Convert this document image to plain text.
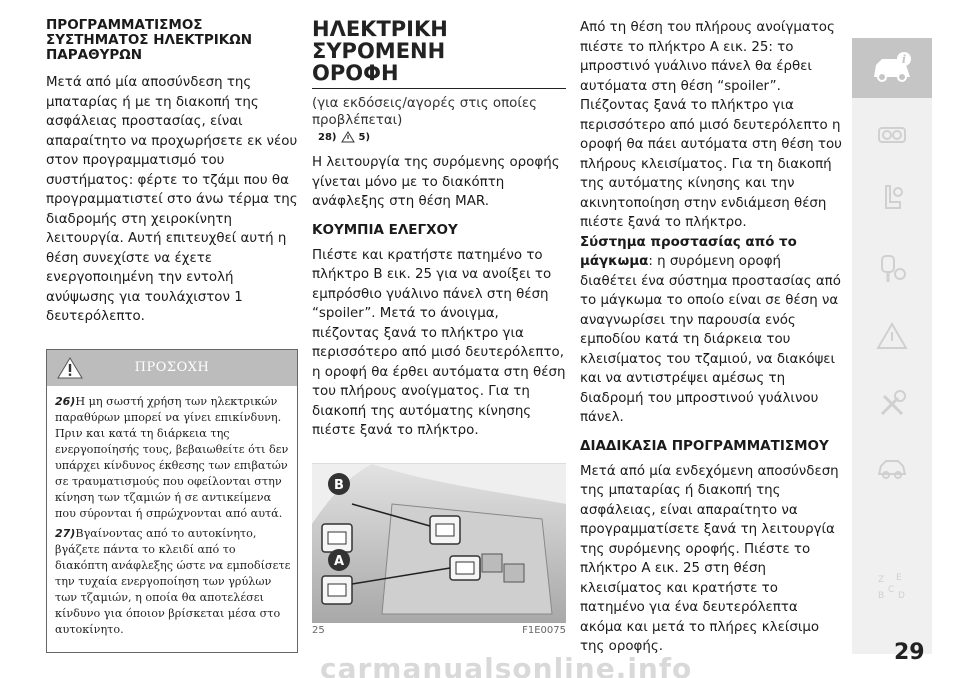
ΠΡΟΓΡΑΜΜΑΤΙΣΜΟΣ ΣΥΣΤΗΜΑΤΟΣ ΗΛΕΚΤΡΙΚΩΝ ΠΑΡΑΘΥΡΩΝ
Μετά από μία αποσύνδεση της μπαταρίας ή με τη διακοπή της ασφάλειας προστασίας, είναι απαραίτητο να προχωρήσετε εκ νέου στον προγραμματισμό του συστήματος: φέρτε το τζάμι που θα προγραμματιστεί στο άνω τέρμα της διαδρομής στη χειροκίνητη λειτουργία. Αυτή επιτευχθεί αυτή η θέση συνεχίστε να έχετε ενεργοποιημένη την εντολή ανύψωσης για τουλάχιστον 1 δευτερόλεπτο.
ΠΡΟΣΟΧΗ

26)Η μη σωστή χρήση των ηλεκτρικών παραθύρων μπορεί να γίνει επικίνδυνη. Πριν και κατά τη διάρκεια της ενεργοποίησής τους, βεβαιωθείτε ότι δεν υπάρχει κίνδυνος έκθεσης των επιβατών σε τραυματισμούς που οφείλονται στην κίνηση των τζαμιών ή σε αντικείμενα που σύρονται ή σπρώχνονται από αυτά.

27)Βγαίνοντας από το αυτοκίνητο, βγάζετε πάντα το κλειδί από το διακόπτη ανάφλεξης ώστε να εμποδίσετε την τυχαία ενεργοποίηση των γρύλων των τζαμιών, η οποία θα αποτελέσει κίνδυνο για όποιον βρίσκεται μέσα στο αυτοκίνητο.

ΗΛΕΚΤΡΙΚΗ ΣΥΡΟΜΕΝΗ
ΟΡΟΦΗ
(για εκδόσεις/αγορές στις οποίες προβλέπεται)
28) 5)
Η λειτουργία της συρόμενης οροφής γίνεται μόνο με το διακόπτη ανάφλεξης στη θέση MAR.
ΚΟΥΜΠΙΑ ΕΛΕΓΧΟΥ
Πιέστε και κρατήστε πατημένο το πλήκτρο B εικ. 25 για να ανοίξει το εμπρόσθιο γυάλινο πάνελ στη θέση “spoiler”. Μετά το άνοιγμα, πιέζοντας ξανά το πλήκτρο για περισσότερο από μισό δευτερόλεπτο, η οροφή θα έρθει αυτόματα στη θέση του πλήρους ανοίγματος. Για τη διακοπή της αυτόματης κίνησης πιέστε ξανά το πλήκτρο.
B
A
25	F1E0075
Από τη θέση του πλήρους ανοίγματος πιέστε το πλήκτρο A εικ. 25: το μπροστινό γυάλινο πάνελ θα έρθει αυτόματα στη θέση “spoiler”. Πιέζοντας ξανά το πλήκτρο για περισσότερο από μισό δευτερόλεπτο η οροφή θα πάει αυτόματα στη θέση του πλήρους κλεισίματος. Για τη διακοπή της αυτόματης κίνησης και την ακινητοποίηση στην ενδιάμεση θέση πιέστε ξανά το πλήκτρο.
Σύστημα προστασίας από το μάγκωμα: η συρόμενη οροφή διαθέτει ένα σύστημα προστασίας από το μάγκωμα το οποίο είναι σε θέση να αναγνωρίσει την παρουσία ενός εμποδίου κατά τη διάρκεια του κλεισίματος του τζαμιού, να διακόψει και να αντιστρέψει αμέσως τη διαδρομή του μπροστινού γυάλινου πάνελ.
ΔΙΑΔΙΚΑΣΙΑ ΠΡΟΓΡΑΜΜΑΤΙΣΜΟΥ
Μετά από μία ενδεχόμενη αποσύνδεση της μπαταρίας ή διακοπή της ασφάλειας, είναι απαραίτητο να προγραμματίσετε ξανά τη λειτουργία της συρόμενης οροφής. Πιέστε το πλήκτρο A εικ. 25 στη θέση κλεισίματος και κρατήστε το πατημένο για ένα δευτερόλεπτα ακόμα και μετά το πλήρες κλείσιμο της οροφής.
i
Z E
B
C
D
29
carmanualsonline.info
